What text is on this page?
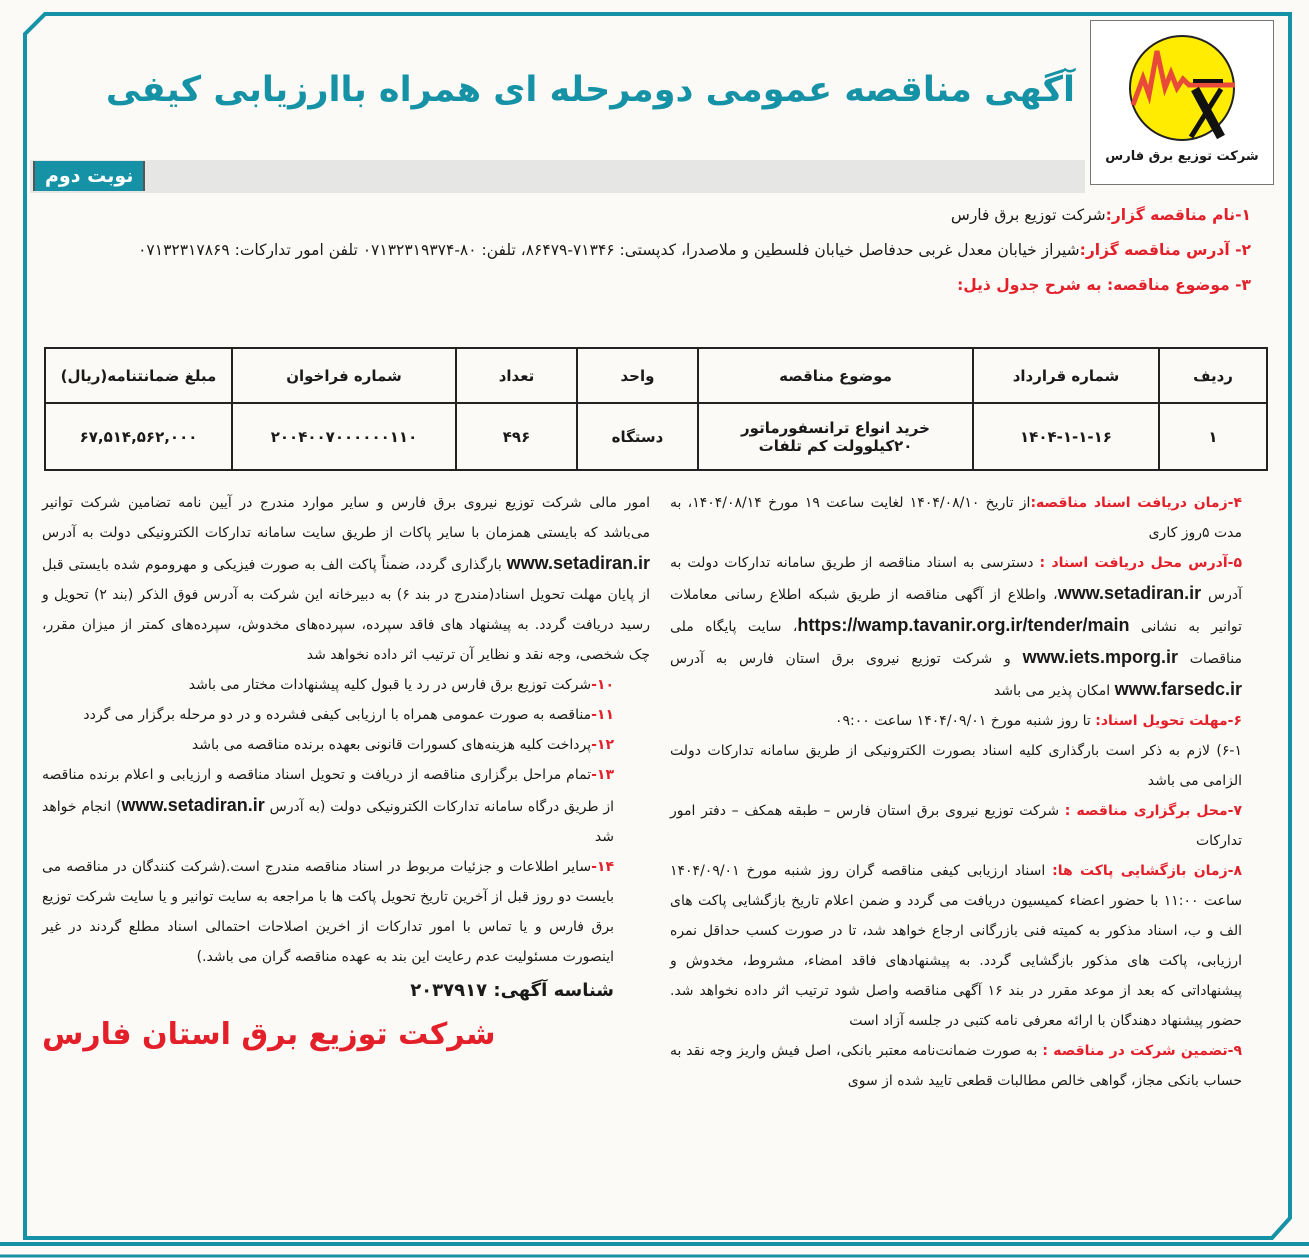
شرکت توزیع برق فارس
آگهی مناقصه عمومی دومرحله ای همراه باارزیابی کیفی
نوبت دوم

۱-نام مناقصه گزار:شرکت توزیع برق فارس

۲- آدرس مناقصه گزار:شیراز خیابان معدل غربی حدفاصل خیابان فلسطین و ملاصدرا، کدپستی: ۷۱۳۴۶-۸۶۴۷۹، تلفن: ۸۰-۰۷۱۳۲۳۱۹۳۷۴ تلفن امور تدارکات: ۰۷۱۳۲۳۱۷۸۶۹

۳- موضوع مناقصه: به شرح جدول ذیل:

ردیف	شماره قرارداد	موضوع مناقصه	واحد	تعداد	شماره فراخوان	مبلغ ضمانتنامه(ریال)
۱	۱۴۰۴-۱-۱-۱۶	خرید انواع ترانسفورماتور ۲۰کیلوولت کم تلفات	دستگاه	۴۹۶	۲۰۰۴۰۰۷۰۰۰۰۰۰۱۱۰	۶۷,۵۱۴,۵۶۲,۰۰۰

۴-زمان دریافت اسناد مناقصه:از تاریخ ۱۴۰۴/۰۸/۱۰ لغایت ساعت ۱۹ مورخ ۱۴۰۴/۰۸/۱۴، به مدت ۵روز کاری

۵-آدرس محل دریافت اسناد : دسترسی به اسناد مناقصه از طریق سامانه تدارکات دولت به آدرس www.setadiran.ir، واطلاع از آگهی مناقصه از طریق شبکه اطلاع رسانی معاملات توانیر به نشانی https://wamp.tavanir.org.ir/tender/main، سایت پایگاه ملی مناقصات www.iets.mporg.ir و شرکت توزیع نیروی برق استان فارس به آدرس www.farsedc.ir امکان پذیر می باشد

۶-مهلت تحویل اسناد: تا روز شنبه مورخ ۱۴۰۴/۰۹/۰۱ ساعت ۰۹:۰۰

۶-۱) لازم به ذکر است بارگذاری کلیه اسناد بصورت الکترونیکی از طریق سامانه تدارکات دولت الزامی می باشد

۷-محل برگزاری مناقصه : شرکت توزیع نیروی برق استان فارس – طبقه همکف – دفتر امور تدارکات

۸-زمان بازگشایی پاکت ها: اسناد ارزیابی کیفی مناقصه گران روز شنبه مورخ ۱۴۰۴/۰۹/۰۱ ساعت ۱۱:۰۰ با حضور اعضاء کمیسیون دریافت می گردد و ضمن اعلام تاریخ بازگشایی پاکت های الف و ب، اسناد مذکور به کمیته فنی بازرگانی ارجاع خواهد شد، تا در صورت کسب حداقل نمره ارزیابی، پاکت های مذکور بازگشایی گردد. به پیشنهادهای فاقد امضاء، مشروط، مخدوش و پیشنهاداتی که بعد از موعد مقرر در بند ۱۶ آگهی مناقصه واصل شود ترتیب اثر داده نخواهد شد. حضور پیشنهاد دهندگان با ارائه معرفی نامه کتبی در جلسه آزاد است

۹-تضمین شرکت در مناقصه : به صورت ضمانت‌نامه معتبر بانکی، اصل فیش واریز وجه نقد به حساب بانکی مجاز، گواهی خالص مطالبات قطعی تایید شده از سوی

امور مالی شرکت توزیع نیروی برق فارس و سایر موارد مندرج در آیین نامه تضامین شرکت توانیر می‌باشد که بایستی همزمان با سایر پاکات از طریق سایت سامانه تدارکات الکترونیکی دولت به آدرس www.setadiran.ir بارگذاری گردد، ضمناً پاکت الف به صورت فیزیکی و مهروموم شده بایستی قبل از پایان مهلت تحویل اسناد(مندرج در بند ۶) به دبیرخانه این شرکت به آدرس فوق الذکر (بند ۲) تحویل و رسید دریافت گردد. به پیشنهاد های فاقد سپرده، سپرده‌های مخدوش، سپرده‌های کمتر از میزان مقرر، چک شخصی، وجه نقد و نظایر آن ترتیب اثر داده نخواهد شد

۱۰-شرکت توزیع برق فارس در رد یا قبول کلیه پیشنهادات مختار می باشد

۱۱-مناقصه به صورت عمومی همراه با ارزیابی کیفی فشرده و در دو مرحله برگزار می گردد

۱۲-پرداخت کلیه هزینه‌های کسورات قانونی بعهده برنده مناقصه می باشد

۱۳-تمام مراحل برگزاری مناقصه از دریافت و تحویل اسناد مناقصه و ارزیابی و اعلام برنده مناقصه از طریق درگاه سامانه تدارکات الکترونیکی دولت (به آدرس www.setadiran.ir) انجام خواهد شد

۱۴-سایر اطلاعات و جزئیات مربوط در اسناد مناقصه مندرج است.(شرکت کنندگان در مناقصه می بایست دو روز قبل از آخرین تاریخ تحویل پاکت ها با مراجعه به سایت توانیر و یا سایت شرکت توزیع برق فارس و یا تماس با امور تدارکات از اخرین اصلاحات احتمالی اسناد مطلع گردند در غیر اینصورت مسئولیت عدم رعایت این بند به عهده مناقصه گران می باشد.)

شناسه آگهی: ۲۰۳۷۹۱۷
شرکت توزیع برق استان فارس
